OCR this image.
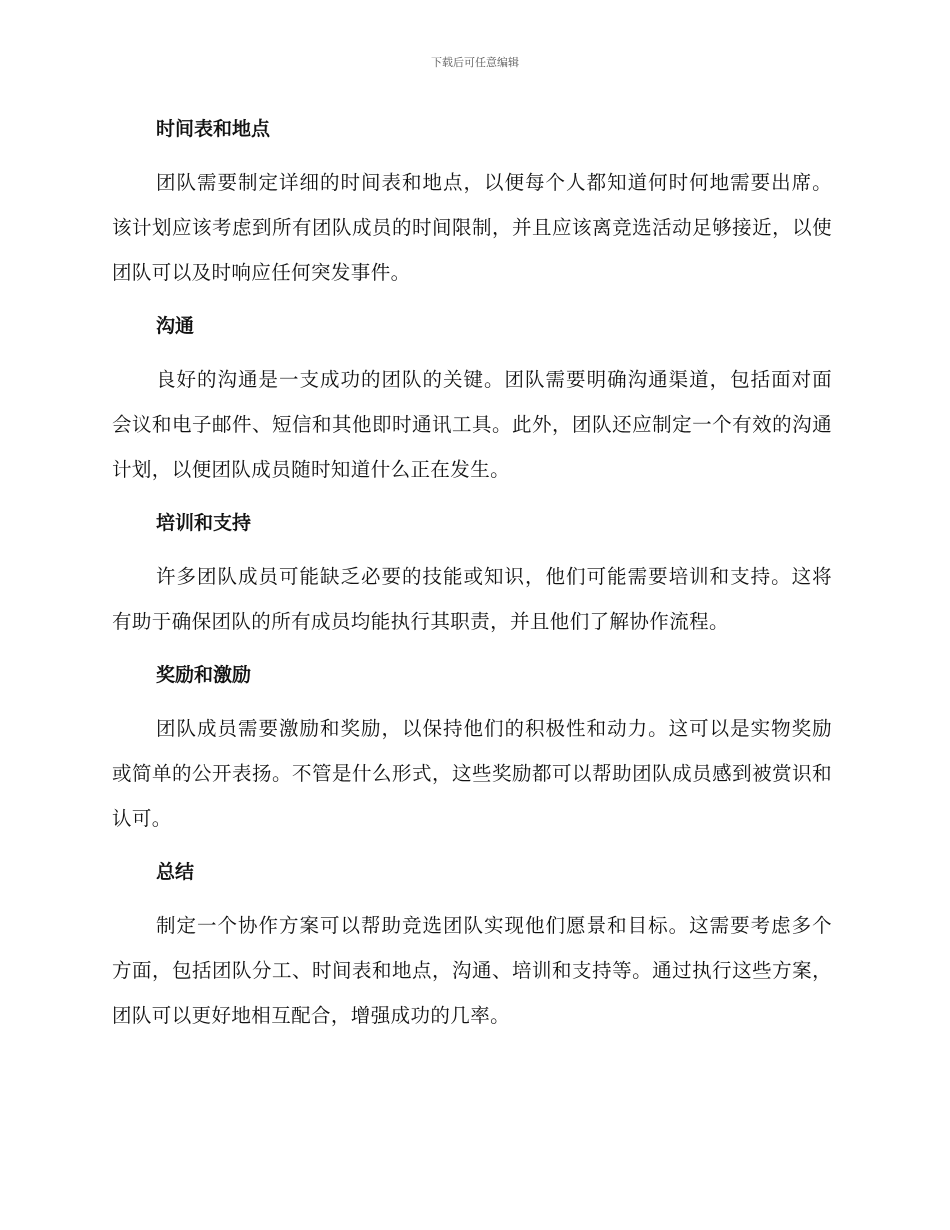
下载后可任意编辑
时间表和地点

团队需要制定详细的时间表和地点，以便每个人都知道何时何地需要出席。该计划应该考虑到所有团队成员的时间限制，并且应该离竞选活动足够接近，以使团队可以及时响应任何突发事件。

沟通

良好的沟通是一支成功的团队的关键。团队需要明确沟通渠道，包括面对面会议和电子邮件、短信和其他即时通讯工具。此外，团队还应制定一个有效的沟通计划，以便团队成员随时知道什么正在发生。

培训和支持

许多团队成员可能缺乏必要的技能或知识，他们可能需要培训和支持。这将有助于确保团队的所有成员均能执行其职责，并且他们了解协作流程。

奖励和激励

团队成员需要激励和奖励，以保持他们的积极性和动力。这可以是实物奖励或简单的公开表扬。不管是什么形式，这些奖励都可以帮助团队成员感到被赏识和认可。

总结

制定一个协作方案可以帮助竞选团队实现他们愿景和目标。这需要考虑多个方面，包括团队分工、时间表和地点，沟通、培训和支持等。通过执行这些方案，团队可以更好地相互配合，增强成功的几率。
